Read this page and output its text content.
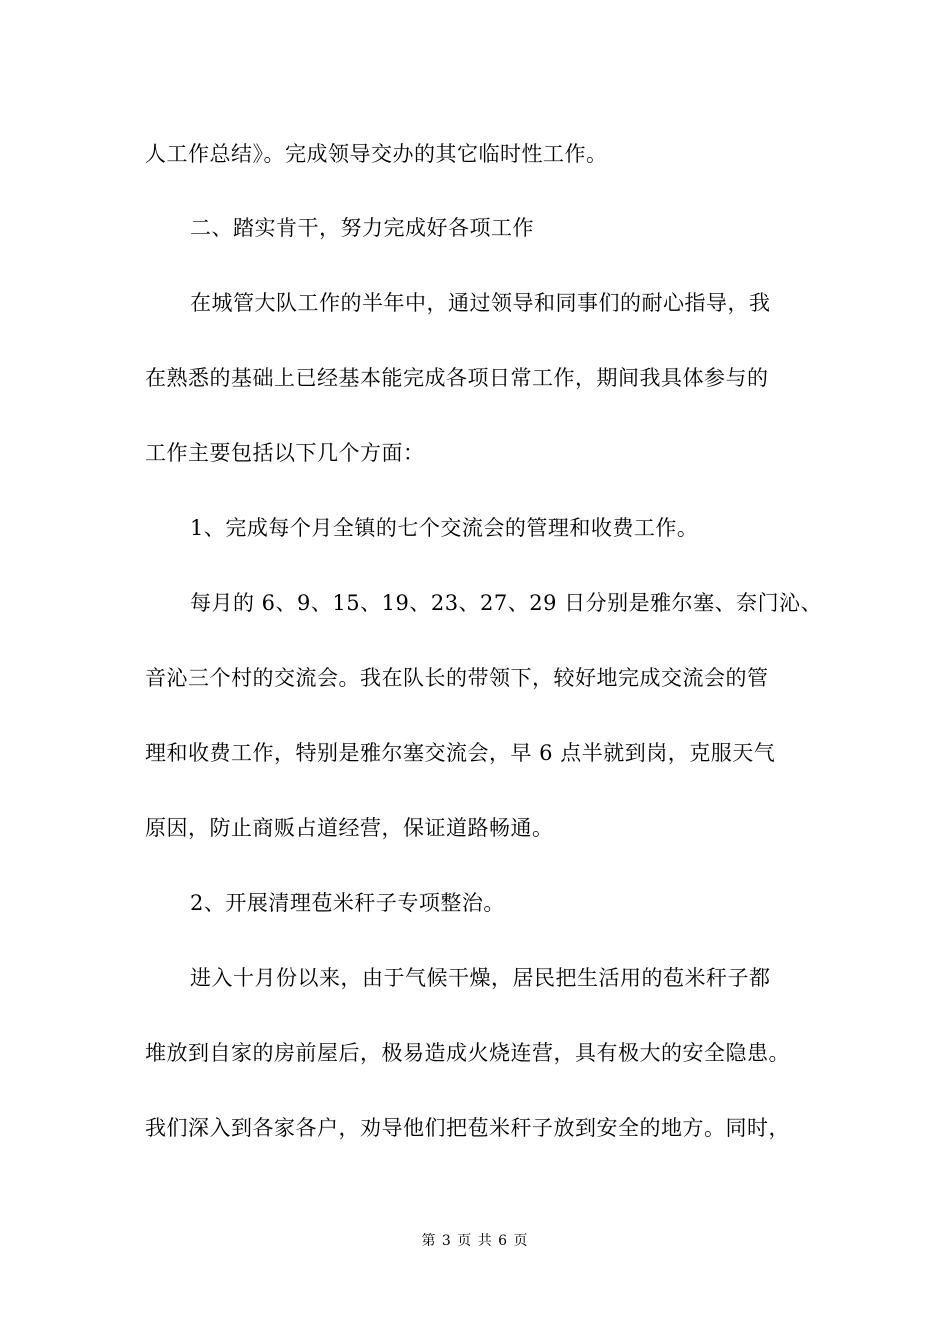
人工作总结》。完成领导交办的其它临时性工作。
二、踏实肯干，努力完成好各项工作
在城管大队工作的半年中，通过领导和同事们的耐心指导，我
在熟悉的基础上已经基本能完成各项日常工作，期间我具体参与的
工作主要包括以下几个方面：
1、完成每个月全镇的七个交流会的管理和收费工作。
每月的 6、9、15、19、23、27、29 日分别是雅尔塞、奈门沁、
音沁三个村的交流会。我在队长的带领下，较好地完成交流会的管
理和收费工作，特别是雅尔塞交流会，早 6 点半就到岗，克服天气
原因，防止商贩占道经营，保证道路畅通。
2、开展清理苞米秆子专项整治。
进入十月份以来，由于气候干燥，居民把生活用的苞米秆子都
堆放到自家的房前屋后，极易造成火烧连营，具有极大的安全隐患。
我们深入到各家各户，劝导他们把苞米秆子放到安全的地方。同时，
第 3 页 共 6 页
